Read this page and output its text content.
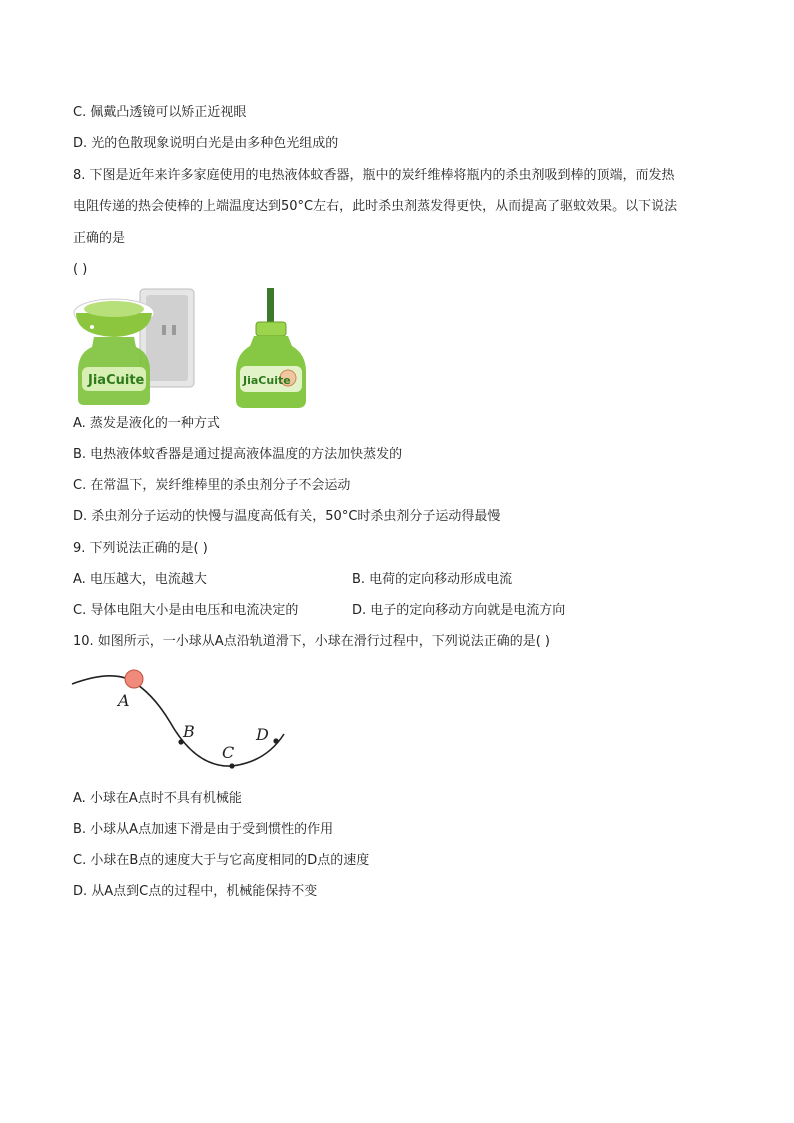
C. 佩戴凸透镜可以矫正近视眼
D. 光的色散现象说明白光是由多种色光组成的
8. 下图是近年来许多家庭使用的电热液体蚊香器，瓶中的炭纤维棒将瓶内的杀虫剂吸到棒的顶端，而发热
电阻传递的热会使棒的上端温度达到50°C左右，此时杀虫剂蒸发得更快，从而提高了驱蚊效果。以下说法
正确的是
( )
JiaCuite	JiaCuite
A. 蒸发是液化的一种方式
B. 电热液体蚊香器是通过提高液体温度的方法加快蒸发的
C. 在常温下，炭纤维棒里的杀虫剂分子不会运动
D. 杀虫剂分子运动的快慢与温度高低有关，50°C时杀虫剂分子运动得最慢
9. 下列说法正确的是( )
A. 电压越大，电流越大	B. 电荷的定向移动形成电流
C. 导体电阻大小是由电压和电流决定的	D. 电子的定向移动方向就是电流方向
10. 如图所示，一小球从A点沿轨道滑下，小球在滑行过程中，下列说法正确的是( )
A
B
C
D
A. 小球在A点时不具有机械能
B. 小球从A点加速下滑是由于受到惯性的作用
C. 小球在B点的速度大于与它高度相同的D点的速度
D. 从A点到C点的过程中，机械能保持不变
